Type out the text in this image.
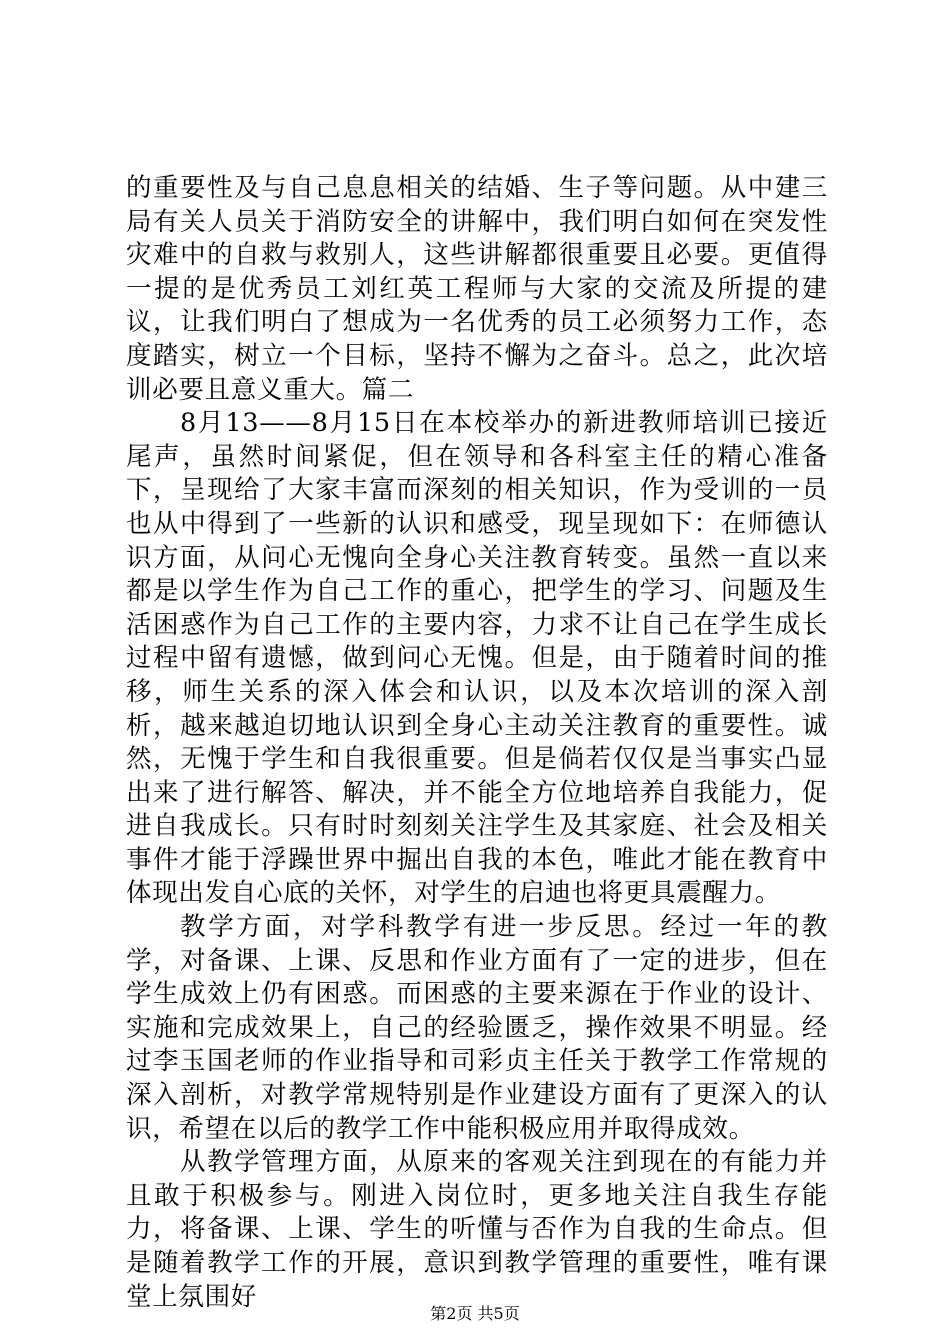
的重要性及与自己息息相关的结婚、生子等问题。从中建三局有关人员关于消防安全的讲解中，我们明白如何在突发性灾难中的自救与救别人，这些讲解都很重要且必要。更值得一提的是优秀员工刘红英工程师与大家的交流及所提的建议，让我们明白了想成为一名优秀的员工必须努力工作，态度踏实，树立一个目标，坚持不懈为之奋斗。总之，此次培训必要且意义重大。篇二

8月13——8月15日在本校举办的新进教师培训已接近尾声，虽然时间紧促，但在领导和各科室主任的精心准备下，呈现给了大家丰富而深刻的相关知识，作为受训的一员也从中得到了一些新的认识和感受，现呈现如下：在师德认识方面，从问心无愧向全身心关注教育转变。虽然一直以来都是以学生作为自己工作的重心，把学生的学习、问题及生活困惑作为自己工作的主要内容，力求不让自己在学生成长过程中留有遗憾，做到问心无愧。但是，由于随着时间的推移，师生关系的深入体会和认识，以及本次培训的深入剖析，越来越迫切地认识到全身心主动关注教育的重要性。诚然，无愧于学生和自我很重要。但是倘若仅仅是当事实凸显出来了进行解答、解决，并不能全方位地培养自我能力，促进自我成长。只有时时刻刻关注学生及其家庭、社会及相关事件才能于浮躁世界中掘出自我的本色，唯此才能在教育中体现出发自心底的关怀，对学生的启迪也将更具震醒力。

教学方面，对学科教学有进一步反思。经过一年的教学，对备课、上课、反思和作业方面有了一定的进步，但在学生成效上仍有困惑。而困惑的主要来源在于作业的设计、实施和完成效果上，自己的经验匮乏，操作效果不明显。经过李玉国老师的作业指导和司彩贞主任关于教学工作常规的深入剖析，对教学常规特别是作业建设方面有了更深入的认识，希望在以后的教学工作中能积极应用并取得成效。

从教学管理方面，从原来的客观关注到现在的有能力并且敢于积极参与。刚进入岗位时，更多地关注自我生存能力，将备课、上课、学生的听懂与否作为自我的生命点。但是随着教学工作的开展，意识到教学管理的重要性，唯有课堂上氛围好

第2页 共5页
